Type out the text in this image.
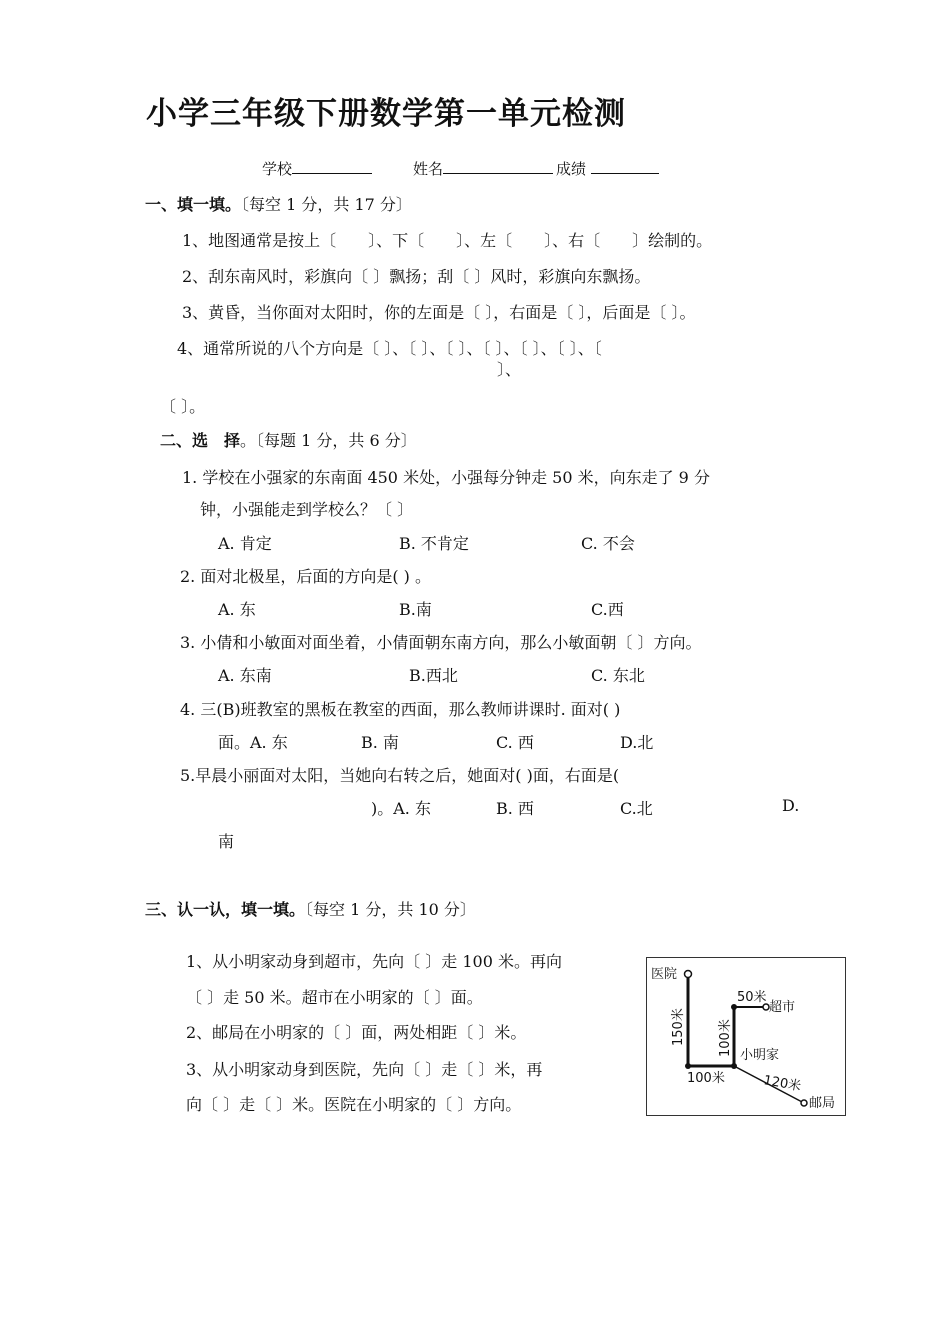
小学三年级下册数学第一单元检测
学校	姓名	成绩
一、填一填。〔每空 1 分，共 17 分〕
1、地图通常是按上〔　　〕、下〔　　〕、左〔　　〕、右〔　　〕绘制的。
2、刮东南风时，彩旗向〔 〕飘扬；刮〔 〕风时，彩旗向东飘扬。
3、黄昏，当你面对太阳时，你的左面是〔 〕，右面是〔 〕，后面是〔 〕。
4、通常所说的八个方向是〔 〕、〔 〕、〔 〕、〔 〕、〔 〕、〔 〕、〔
〕、
〔 〕。
二、选　择。〔每题 1 分，共 6 分〕
1. 学校在小强家的东南面 450 米处，小强每分钟走 50 米，向东走了 9 分
钟，小强能走到学校么？〔 〕
A. 肯定	B. 不肯定	C. 不会
2. 面对北极星，后面的方向是( ) 。
A. 东	B.南	C.西
3. 小倩和小敏面对面坐着，小倩面朝东南方向，那么小敏面朝〔 〕方向。
A. 东南	B.西北	C. 东北
4. 三(B)班教室的黑板在教室的西面，那么教师讲课时. 面对( )
面。A. 东	B. 南	C. 西	D.北
5.早晨小丽面对太阳，当她向右转之后，她面对( )面，右面是(
)。A. 东	B. 西	C.北	D.
南
三、认一认，填一填。〔每空 1 分，共 10 分〕
1、从小明家动身到超市，先向〔 〕走 100 米。再向
〔 〕走 50 米。超市在小明家的〔 〕面。
2、邮局在小明家的〔 〕面，两处相距〔 〕米。
3、从小明家动身到医院，先向〔 〕走〔 〕米，再
向〔 〕走〔 〕米。医院在小明家的〔 〕方向。
医院
超市
50米
小明家
邮局
100米	120米
150米 100米
